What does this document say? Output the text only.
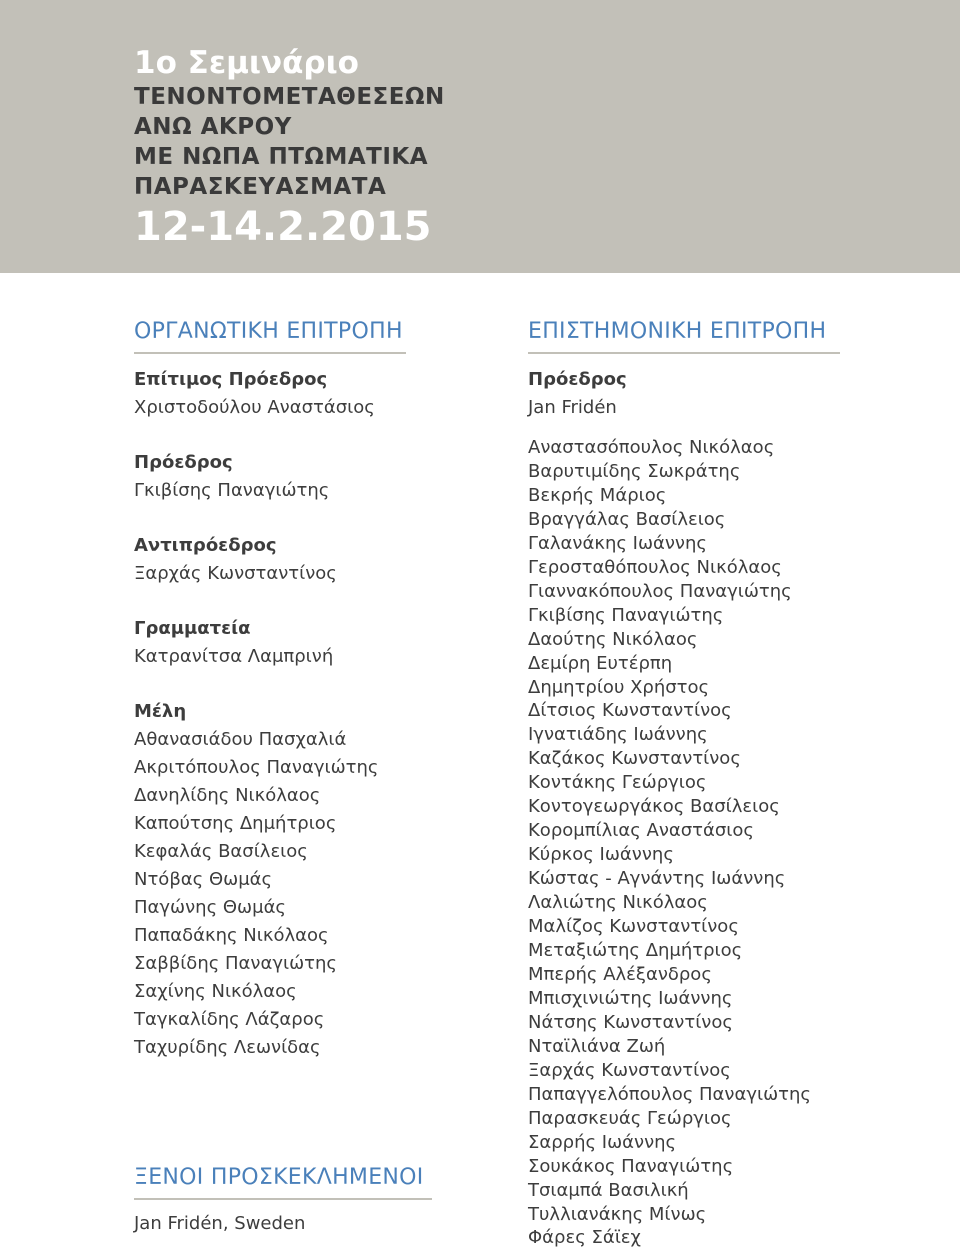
1ο Σεμινάριο

ΤΕΝΟΝΤΟΜΕΤΑΘΕΣΕΩΝ

ΑΝΩ ΑΚΡΟΥ

ΜΕ ΝΩΠΑ ΠΤΩΜΑΤΙΚΑ

ΠΑΡΑΣΚΕΥΑΣΜΑΤΑ

12-14.2.2015

ΟΡΓΑΝΩΤΙΚΗ ΕΠΙΤΡΟΠΗ

Επίτιμος Πρόεδρος

Χριστοδούλου Αναστάσιος

Πρόεδρος

Γκιβίσης Παναγιώτης

Αντιπρόεδρος

Ξαρχάς Κωνσταντίνος

Γραμματεία

Κατρανίτσα Λαμπρινή

Μέλη

Αθανασιάδου Πασχαλιά

Ακριτόπουλος Παναγιώτης

Δανηλίδης Νικόλαος

Καπούτσης Δημήτριος

Κεφαλάς Βασίλειος

Ντόβας Θωμάς

Παγώνης Θωμάς

Παπαδάκης Νικόλαος

Σαββίδης Παναγιώτης

Σαχίνης Νικόλαος

Ταγκαλίδης Λάζαρος

Ταχυρίδης Λεωνίδας

ΞΕΝΟΙ ΠΡΟΣΚΕΚΛΗΜΕΝΟΙ

Jan Fridén, Sweden

ΕΠΙΣΤΗΜΟΝΙΚΗ ΕΠΙΤΡΟΠΗ

Πρόεδρος

Jan Fridén

Αναστασόπουλος Νικόλαος

Βαρυτιμίδης Σωκράτης

Βεκρής Μάριος

Βραγγάλας Βασίλειος

Γαλανάκης Ιωάννης

Γεροσταθόπουλος Νικόλαος

Γιαννακόπουλος Παναγιώτης

Γκιβίσης Παναγιώτης

Δαούτης Νικόλαος

Δεμίρη Ευτέρπη

Δημητρίου Χρήστος

Δίτσιος Κωνσταντίνος

Ιγνατιάδης Ιωάννης

Καζάκος Κωνσταντίνος

Κοντάκης Γεώργιος

Κοντογεωργάκος Βασίλειος

Κορομπίλιας Αναστάσιος

Κύρκος Ιωάννης

Κώστας - Αγνάντης Ιωάννης

Λαλιώτης Νικόλαος

Μαλίζος Κωνσταντίνος

Μεταξιώτης Δημήτριος

Μπερής Αλέξανδρος

Μπισχινιώτης Ιωάννης

Νάτσης Κωνσταντίνος

Νταϊλιάνα Ζωή

Ξαρχάς Κωνσταντίνος

Παπαγγελόπουλος Παναγιώτης

Παρασκευάς Γεώργιος

Σαρρής Ιωάννης

Σουκάκος Παναγιώτης

Τσιαμπά Βασιλική

Τυλλιανάκης Μίνως

Φάρες Σάϊεχ
